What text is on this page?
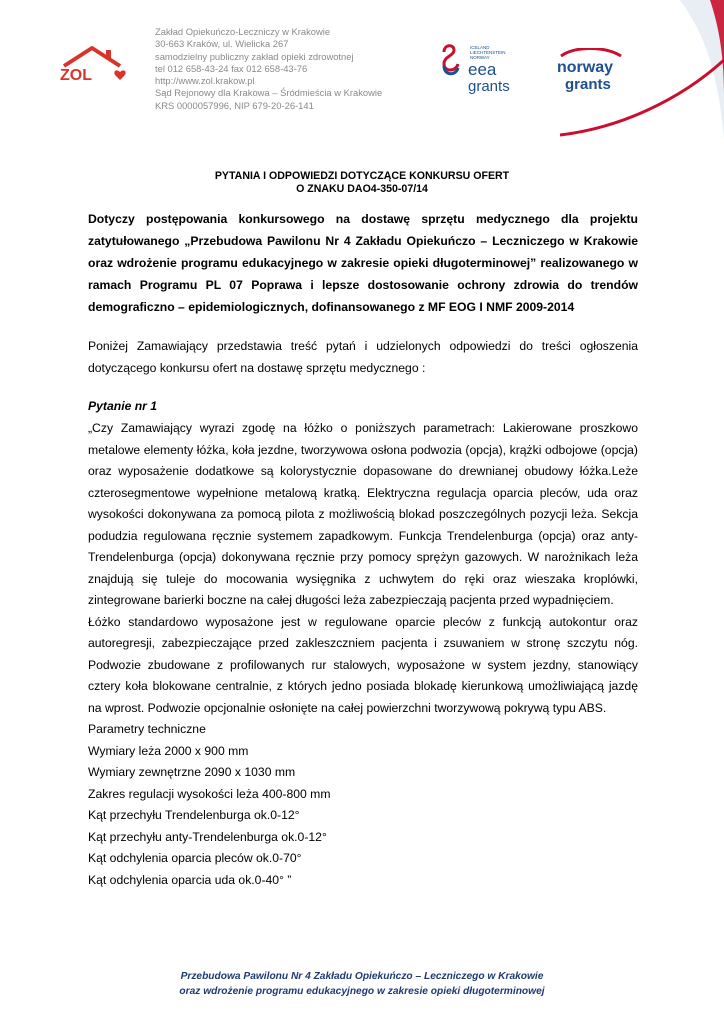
ZOL
Zakład Opiekuńczo-Leczniczy w Krakowie
30-663 Kraków, ul. Wielicka 267
samodzielny publiczny zakład opieki zdrowotnej
tel 012 658-43-24 fax 012 658-43-76
http://www.zol.krakow.pl
Sąd Rejonowy dla Krakowa – Śródmieścia w Krakowie
KRS 0000057996, NIP 679-20-26-141
ICELAND
LIECHTENSTEIN
NORWAY
eea
grants
norway
grants
PYTANIA I ODPOWIEDZI DOTYCZĄCE KONKURSU OFERT
O ZNAKU DAO4-350-07/14
Dotyczy postępowania konkursowego na dostawę sprzętu medycznego dla projektu zatytułowanego „Przebudowa Pawilonu Nr 4 Zakładu Opiekuńczo – Leczniczego w Krakowie oraz wdrożenie programu edukacyjnego w zakresie opieki długoterminowej” realizowanego w ramach Programu PL 07 Poprawa i lepsze dostosowanie ochrony zdrowia do trendów demograficzno – epidemiologicznych, dofinansowanego z MF EOG I NMF 2009-2014
Poniżej Zamawiający przedstawia treść pytań i udzielonych odpowiedzi do treści ogłoszenia dotyczącego konkursu ofert na dostawę sprzętu medycznego :
Pytanie nr 1

„Czy Zamawiający wyrazi zgodę na łóżko o poniższych parametrach: Lakierowane proszkowo metalowe elementy łóżka, koła jezdne, tworzywowa osłona podwozia (opcja), krążki odbojowe (opcja) oraz wyposażenie dodatkowe są kolorystycznie dopasowane do drewnianej obudowy łóżka.Leże czterosegmentowe wypełnione metalową kratką. Elektryczna regulacja oparcia pleców, uda oraz wysokości dokonywana za pomocą pilota z możliwością blokad poszczególnych pozycji leża. Sekcja podudzia regulowana ręcznie systemem zapadkowym. Funkcja Trendelenburga (opcja) oraz anty-Trendelenburga (opcja) dokonywana ręcznie przy pomocy sprężyn gazowych. W narożnikach leża znajdują się tuleje do mocowania wysięgnika z uchwytem do ręki oraz wieszaka kroplówki, zintegrowane barierki boczne na całej długości leża zabezpieczają pacjenta przed wypadnięciem.

Łóżko standardowo wyposażone jest w regulowane oparcie pleców z funkcją autokontur oraz autoregresji, zabezpieczające przed zakleszczniem pacjenta i zsuwaniem w stronę szczytu nóg. Podwozie zbudowane z profilowanych rur stalowych, wyposażone w system jezdny, stanowiący cztery koła blokowane centralnie, z których jedno posiada blokadę kierunkową umożliwiającą jazdę na wprost. Podwozie opcjonalnie osłonięte na całej powierzchni tworzywową pokrywą typu ABS.

Parametry techniczne

Wymiary leża 2000 x 900 mm

Wymiary zewnętrzne 2090 x 1030 mm

Zakres regulacji wysokości leża 400-800 mm

Kąt przechyłu Trendelenburga ok.0-12°

Kąt przechyłu anty-Trendelenburga ok.0-12°

Kąt odchylenia oparcia pleców ok.0-70°

Kąt odchylenia oparcia uda ok.0-40° ”

Przebudowa Pawilonu Nr 4 Zakładu Opiekuńczo – Leczniczego w Krakowie
oraz wdrożenie programu edukacyjnego w zakresie opieki długoterminowej
